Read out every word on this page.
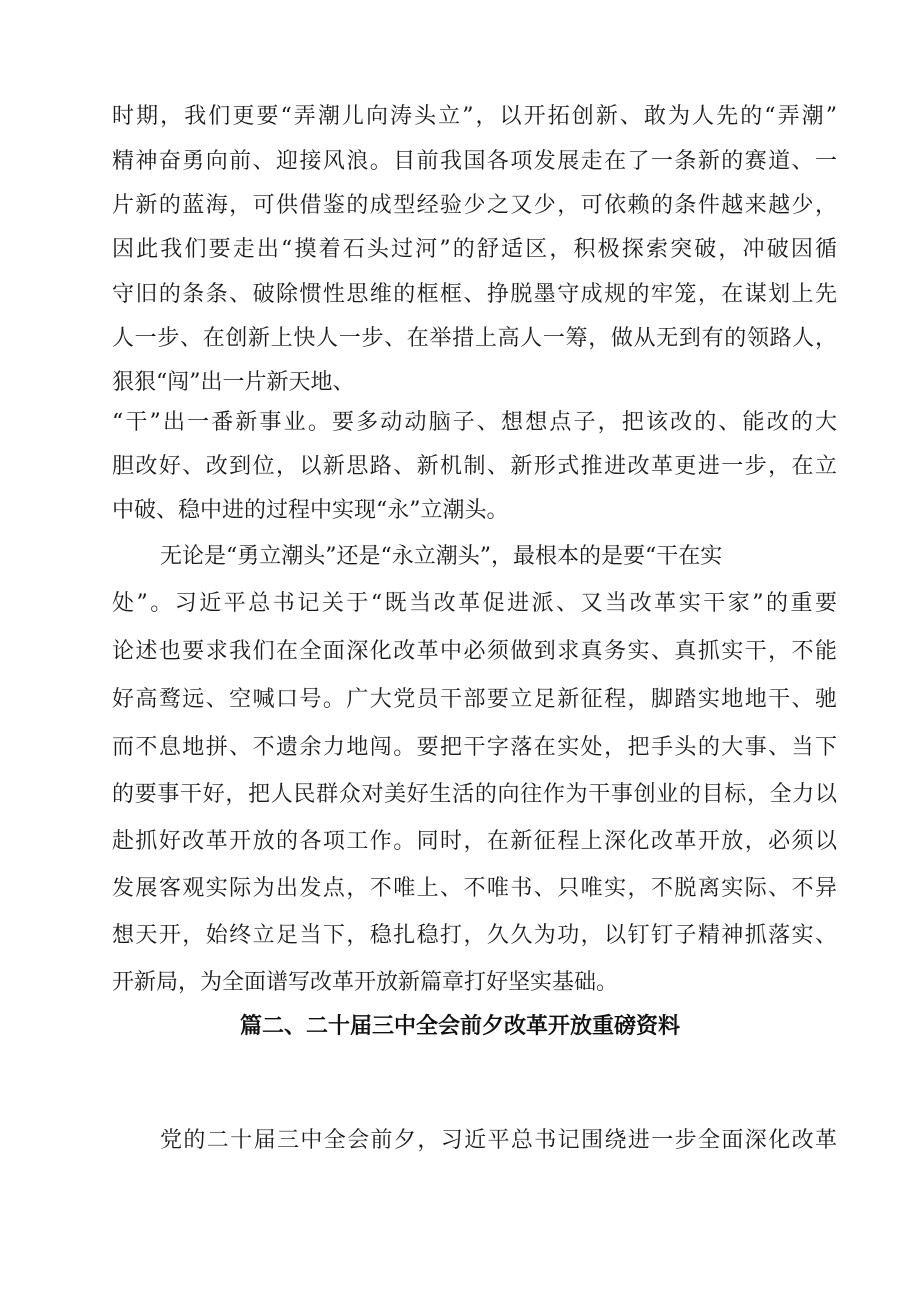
时期，我们更要“弄潮儿向涛头立”，以开拓创新、敢为人先的“弄潮”
精神奋勇向前、迎接风浪。目前我国各项发展走在了一条新的赛道、一
片新的蓝海，可供借鉴的成型经验少之又少，可依赖的条件越来越少，
因此我们要走出“摸着石头过河”的舒适区，积极探索突破，冲破因循
守旧的条条、破除惯性思维的框框、挣脱墨守成规的牢笼，在谋划上先
人一步、在创新上快人一步、在举措上高人一筹，做从无到有的领路人，
狠狠“闯”出一片新天地、
“干”出一番新事业。要多动动脑子、想想点子，把该改的、能改的大
胆改好、改到位，以新思路、新机制、新形式推进改革更进一步，在立
中破、稳中进的过程中实现“永”立潮头。
无论是“勇立潮头”还是“永立潮头”，最根本的是要“干在实
处”。习近平总书记关于“既当改革促进派、又当改革实干家”的重要
论述也要求我们在全面深化改革中必须做到求真务实、真抓实干，不能
好高鹜远、空喊口号。广大党员干部要立足新征程，脚踏实地地干、驰
而不息地拼、不遗余力地闯。要把干字落在实处，把手头的大事、当下
的要事干好，把人民群众对美好生活的向往作为干事创业的目标，全力以
赴抓好改革开放的各项工作。同时，在新征程上深化改革开放，必须以
发展客观实际为出发点，不唯上、不唯书、只唯实，不脱离实际、不异
想天开，始终立足当下，稳扎稳打，久久为功，以钉钉子精神抓落实、
开新局，为全面谱写改革开放新篇章打好坚实基础。
篇二、二十届三中全会前夕改革开放重磅资料
党的二十届三中全会前夕，习近平总书记围绕进一步全面深化改革
